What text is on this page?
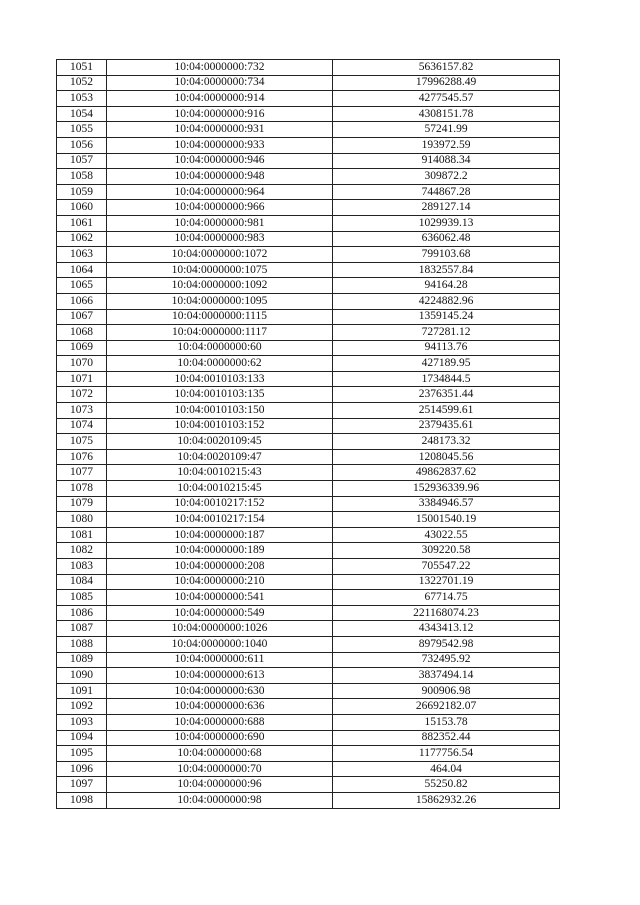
1051	10:04:0000000:732	5636157.82
1052	10:04:0000000:734	17996288.49
1053	10:04:0000000:914	4277545.57
1054	10:04:0000000:916	4308151.78
1055	10:04:0000000:931	57241.99
1056	10:04:0000000:933	193972.59
1057	10:04:0000000:946	914088.34
1058	10:04:0000000:948	309872.2
1059	10:04:0000000:964	744867.28
1060	10:04:0000000:966	289127.14
1061	10:04:0000000:981	1029939.13
1062	10:04:0000000:983	636062.48
1063	10:04:0000000:1072	799103.68
1064	10:04:0000000:1075	1832557.84
1065	10:04:0000000:1092	94164.28
1066	10:04:0000000:1095	4224882.96
1067	10:04:0000000:1115	1359145.24
1068	10:04:0000000:1117	727281.12
1069	10:04:0000000:60	94113.76
1070	10:04:0000000:62	427189.95
1071	10:04:0010103:133	1734844.5
1072	10:04:0010103:135	2376351.44
1073	10:04:0010103:150	2514599.61
1074	10:04:0010103:152	2379435.61
1075	10:04:0020109:45	248173.32
1076	10:04:0020109:47	1208045.56
1077	10:04:0010215:43	49862837.62
1078	10:04:0010215:45	152936339.96
1079	10:04:0010217:152	3384946.57
1080	10:04:0010217:154	15001540.19
1081	10:04:0000000:187	43022.55
1082	10:04:0000000:189	309220.58
1083	10:04:0000000:208	705547.22
1084	10:04:0000000:210	1322701.19
1085	10:04:0000000:541	67714.75
1086	10:04:0000000:549	221168074.23
1087	10:04:0000000:1026	4343413.12
1088	10:04:0000000:1040	8979542.98
1089	10:04:0000000:611	732495.92
1090	10:04:0000000:613	3837494.14
1091	10:04:0000000:630	900906.98
1092	10:04:0000000:636	26692182.07
1093	10:04:0000000:688	15153.78
1094	10:04:0000000:690	882352.44
1095	10:04:0000000:68	1177756.54
1096	10:04:0000000:70	464.04
1097	10:04:0000000:96	55250.82
1098	10:04:0000000:98	15862932.26
